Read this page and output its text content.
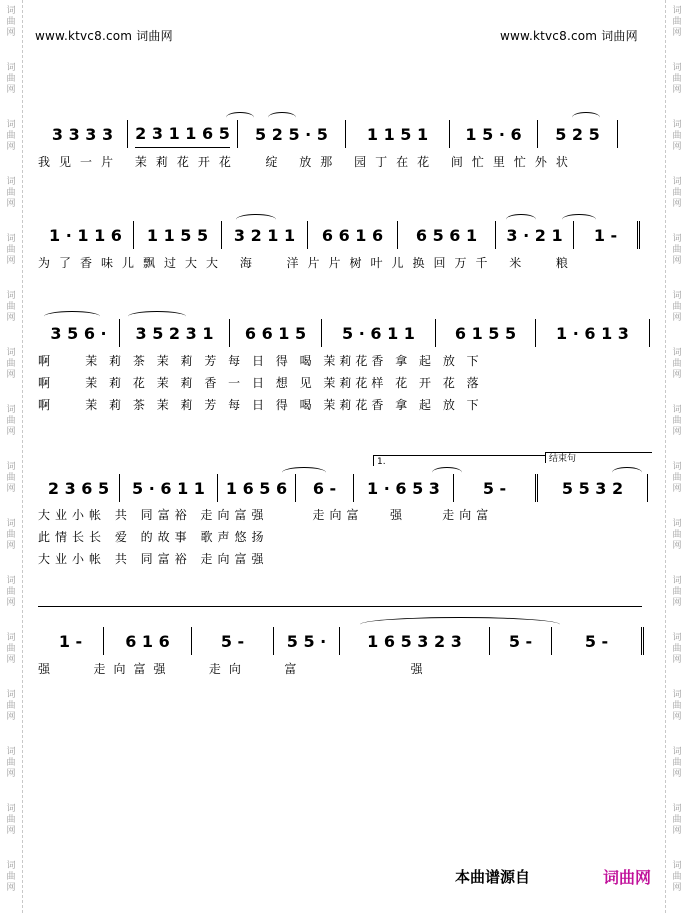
词
曲
网
词
曲
网
词
曲
网
词
曲
网
词
曲
网
词
曲
网
词
曲
网
词
曲
网
词
曲
网
词
曲
网
词
曲
网
词
曲
网
词
曲
网
词
曲
网
词
曲
网
词
曲
网
词
曲
网
词
曲
网
词
曲
网
词
曲
网
词
曲
网
词
曲
网
词
曲
网
词
曲
网
词
曲
网
词
曲
网
词
曲
网
词
曲
网
词
曲
网
词
曲
网
词
曲
网
词
曲
网
www.ktvc8.com 词曲网	www.ktvc8.com 词曲网
3 3 3 3 2 3 1 1 6 5 5 2 5 · 5 1 1 5 1 1 5 · 6 5 2 5
我见一片 茉莉花开花  绽 放那 园丁在花 间忙里忙外状
1 · 1 1 6 1 1 5 5 3 2 1 1 6 6 1 6 6 5 6 1 3 · 2 1 1 -
为了香味儿飘过大大 海  洋片片树叶儿换回万千 米  粮
3 5 6 · 3 5 2 3 1 6 6 1 5 5 · 6 1 1 6 1 5 5 1 · 6 1 3
啊    茉 莉 茶 茉 莉 芳 每 日 得 喝 茉莉花香 拿 起 放 下
啊    茉 莉 花 茉 莉 香 一 日 想 见 茉莉花样 花 开 花 落
啊    茉 莉 茶 茉 莉 芳 每 日 得 喝 茉莉花香 拿 起 放 下
1.	结束句
2 3 6 5 5 · 6 1 1 1 6 5 6 6 - 1 · 6 5 3	5 -	5 5 3 2
大业小帐 共 同富裕 走向富强     走向富   强    走向富
此情长长 爱 的故事 歌声悠扬
大业小帐 共 同富裕 走向富强
1 -	6 1 6	5 -	5 5 ·	1 6 5 3 2 3	5 -	5 -
强   走向富强   走向   富         强
本曲谱源自	词曲网
